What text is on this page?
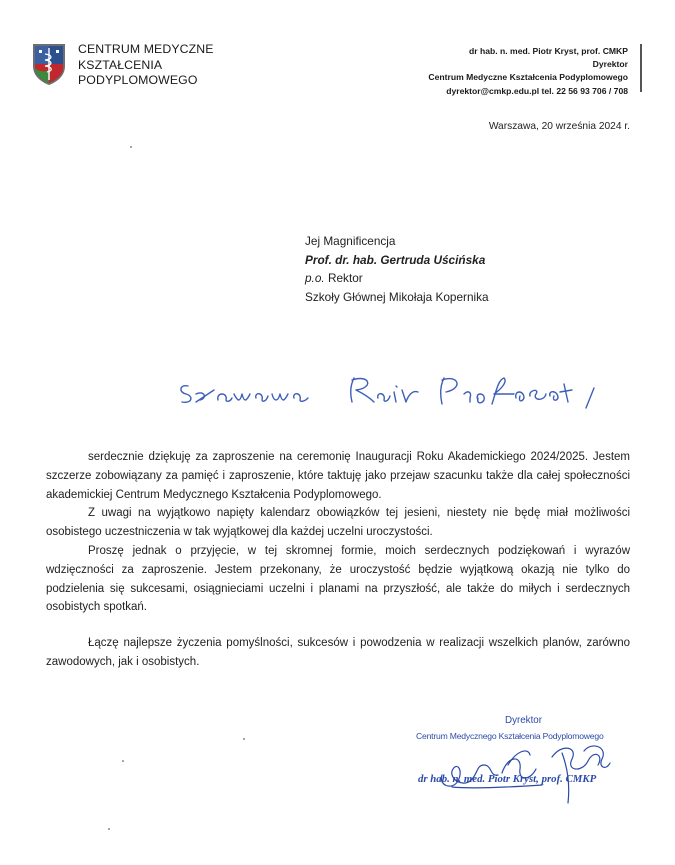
CENTRUM MEDYCZNE
KSZTAŁCENIA
PODYPLOMOWEGO
dr hab. n. med. Piotr Kryst, prof. CMKP
Dyrektor
Centrum Medyczne Kształcenia Podyplomowego
dyrektor@cmkp.edu.pl tel. 22 56 93 706 / 708
Warszawa, 20 września 2024 r.
Jej Magnificencja
Prof. dr. hab. Gertruda Uścińska
p.o. Rektor
Szkoły Głównej Mikołaja Kopernika

serdecznie dziękuję za zaproszenie na ceremonię Inauguracji Roku Akademickiego 2024/2025. Jestem szczerze zobowiązany za pamięć i zaproszenie, które taktuję jako przejaw szacunku także dla całej społeczności akademickiej Centrum Medycznego Kształcenia Podyplomowego.

Z uwagi na wyjątkowo napięty kalendarz obowiązków tej jesieni, niestety nie będę miał możliwości osobistego uczestniczenia w tak wyjątkowej dla każdej uczelni uroczystości.

Proszę jednak o przyjęcie, w tej skromnej formie, moich serdecznych podziękowań i wyrazów wdzięczności za zaproszenie. Jestem przekonany, że uroczystość będzie wyjątkową okazją nie tylko do podzielenia się sukcesami, osiągnieciami uczelni i planami na przyszłość, ale także do miłych i serdecznych osobistych spotkań.

Łączę najlepsze życzenia pomyślności, sukcesów i powodzenia w realizacji wszelkich planów, zarówno zawodowych, jak i osobistych.

Dyrektor
Centrum Medycznego Kształcenia Podyplomowego
dr hab. n. med. Piotr Kryst, prof. CMKP
